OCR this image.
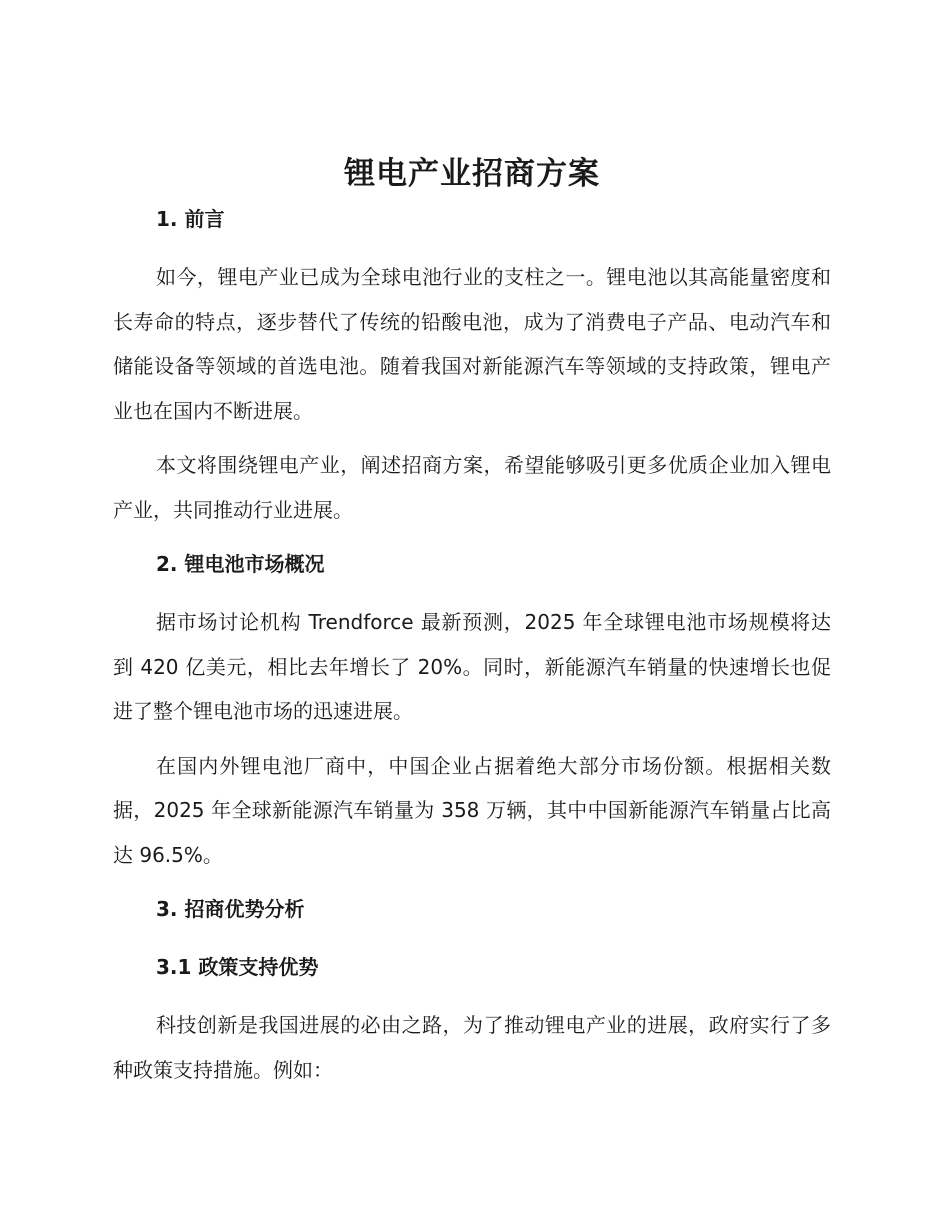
锂电产业招商方案
1. 前言

如今，锂电产业已成为全球电池行业的支柱之一。锂电池以其高能量密度和长寿命的特点，逐步替代了传统的铅酸电池，成为了消费电子产品、电动汽车和储能设备等领域的首选电池。随着我国对新能源汽车等领域的支持政策，锂电产业也在国内不断进展。

本文将围绕锂电产业，阐述招商方案，希望能够吸引更多优质企业加入锂电产业，共同推动行业进展。

2. 锂电池市场概况

据市场讨论机构 Trendforce 最新预测，2025 年全球锂电池市场规模将达到 420 亿美元，相比去年增长了 20%。同时，新能源汽车销量的快速增长也促进了整个锂电池市场的迅速进展。

在国内外锂电池厂商中，中国企业占据着绝大部分市场份额。根据相关数据，2025 年全球新能源汽车销量为 358 万辆，其中中国新能源汽车销量占比高达 96.5%。

3. 招商优势分析
3.1 政策支持优势

科技创新是我国进展的必由之路，为了推动锂电产业的进展，政府实行了多种政策支持措施。例如：
